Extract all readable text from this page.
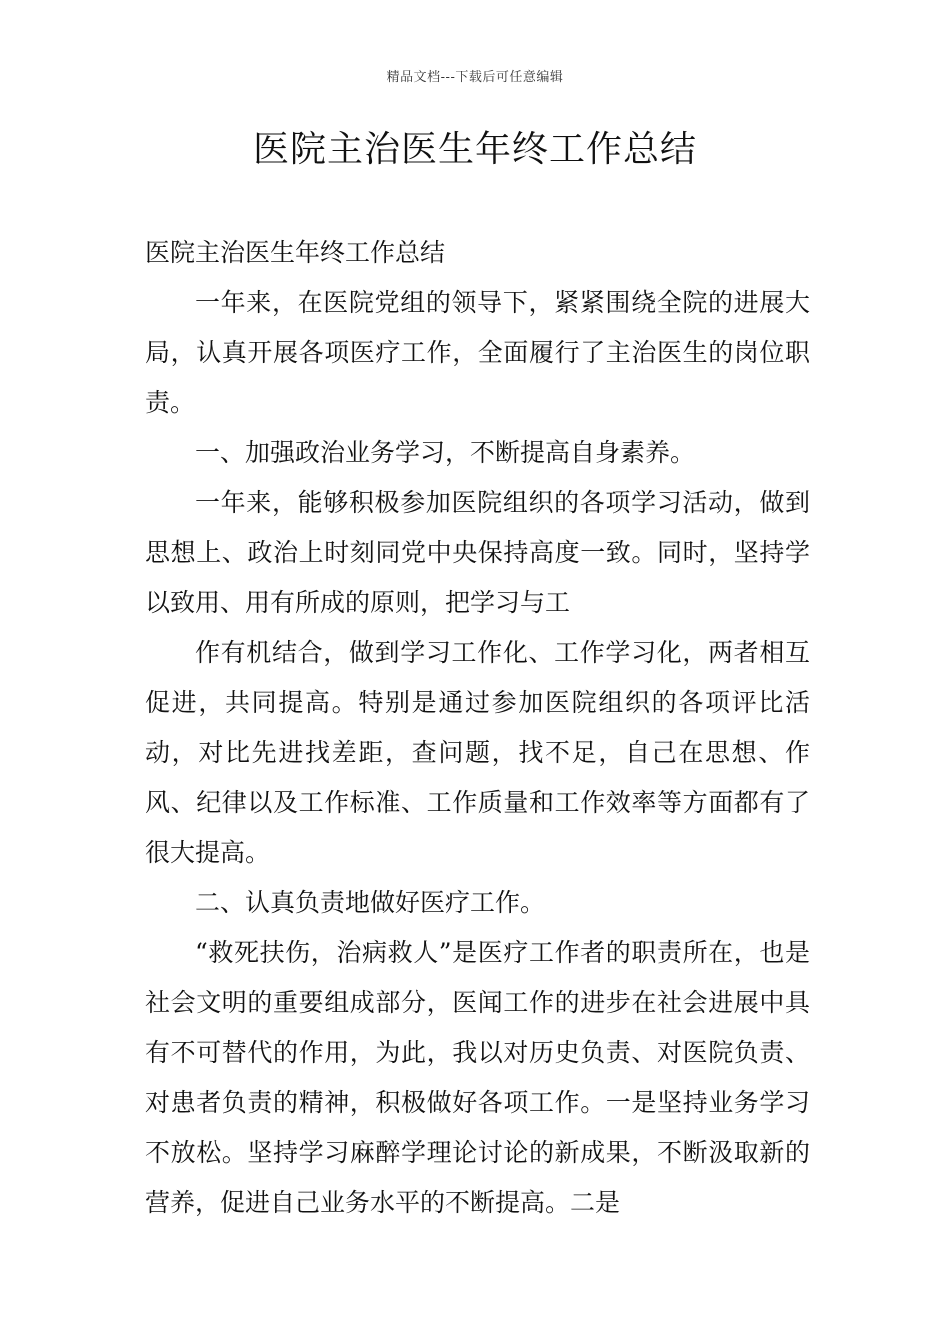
精品文档---下载后可任意编辑
医院主治医生年终工作总结

医院主治医生年终工作总结

一年来，在医院党组的领导下，紧紧围绕全院的进展大局，认真开展各项医疗工作，全面履行了主治医生的岗位职责。

一、加强政治业务学习，不断提高自身素养。

一年来，能够积极参加医院组织的各项学习活动，做到思想上、政治上时刻同党中央保持高度一致。同时，坚持学以致用、用有所成的原则，把学习与工

作有机结合，做到学习工作化、工作学习化，两者相互促进，共同提高。特别是通过参加医院组织的各项评比活动，对比先进找差距，查问题，找不足，自己在思想、作风、纪律以及工作标准、工作质量和工作效率等方面都有了很大提高。

二、认真负责地做好医疗工作。

“救死扶伤，治病救人”是医疗工作者的职责所在，也是社会文明的重要组成部分，医闻工作的进步在社会进展中具有不可替代的作用，为此，我以对历史负责、对医院负责、对患者负责的精神，积极做好各项工作。一是坚持业务学习不放松。坚持学习麻醉学理论讨论的新成果，不断汲取新的营养，促进自己业务水平的不断提高。二是
